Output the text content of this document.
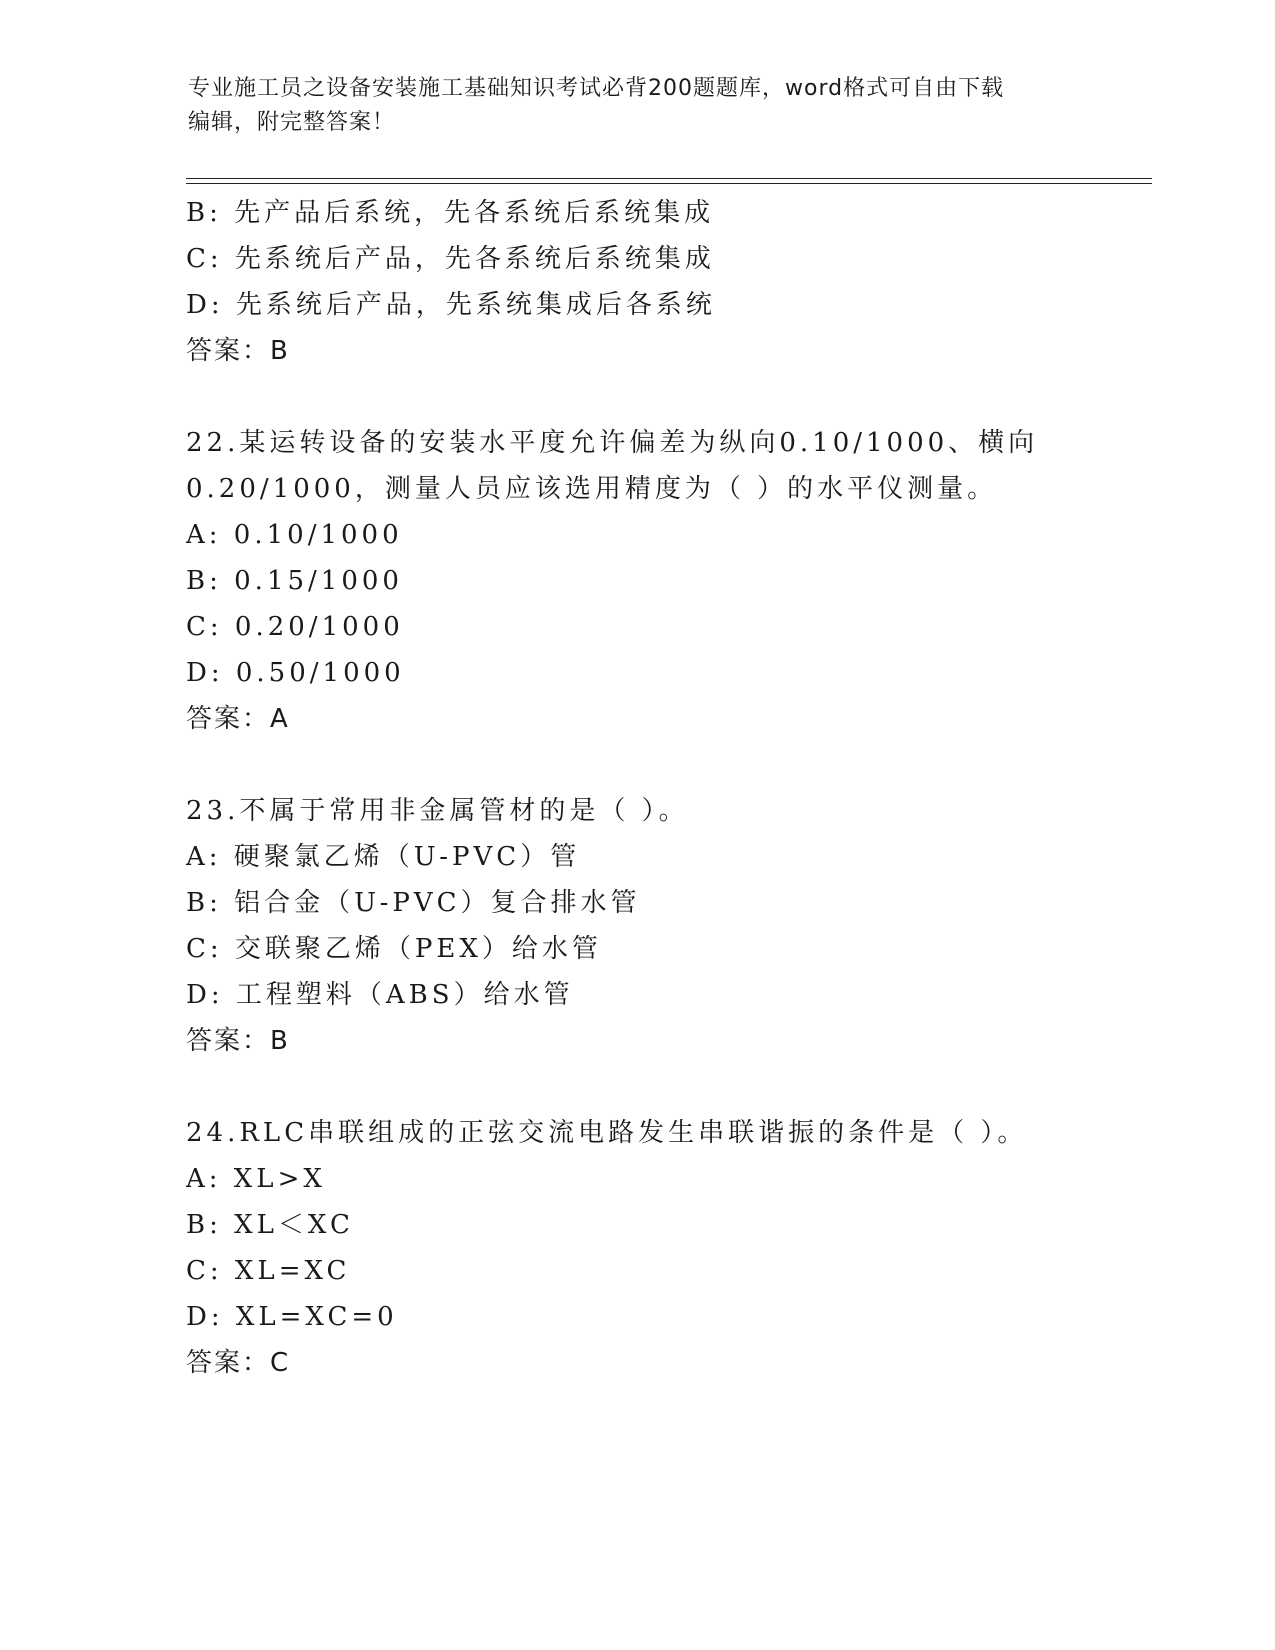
专业施工员之设备安装施工基础知识考试必背200题题库，word格式可自由下载
编辑，附完整答案！
B: 先产品后系统，先各系统后系统集成
C: 先系统后产品，先各系统后系统集成
D: 先系统后产品，先系统集成后各系统
答案：B
22.某运转设备的安装水平度允许偏差为纵向0.10/1000、横向
0.20/1000，测量人员应该选用精度为（ ）的水平仪测量。
A: 0.10/1000
B: 0.15/1000
C: 0.20/1000
D: 0.50/1000
答案：A
23.不属于常用非金属管材的是（ ）。
A: 硬聚氯乙烯（U-PVC）管
B: 铝合金（U-PVC）复合排水管
C: 交联聚乙烯（PEX）给水管
D: 工程塑料（ABS）给水管
答案：B
24.RLC串联组成的正弦交流电路发生串联谐振的条件是（ ）。
A: XL>X
B: XL＜XC
C: XL=XC
D: XL=XC=0
答案：C
